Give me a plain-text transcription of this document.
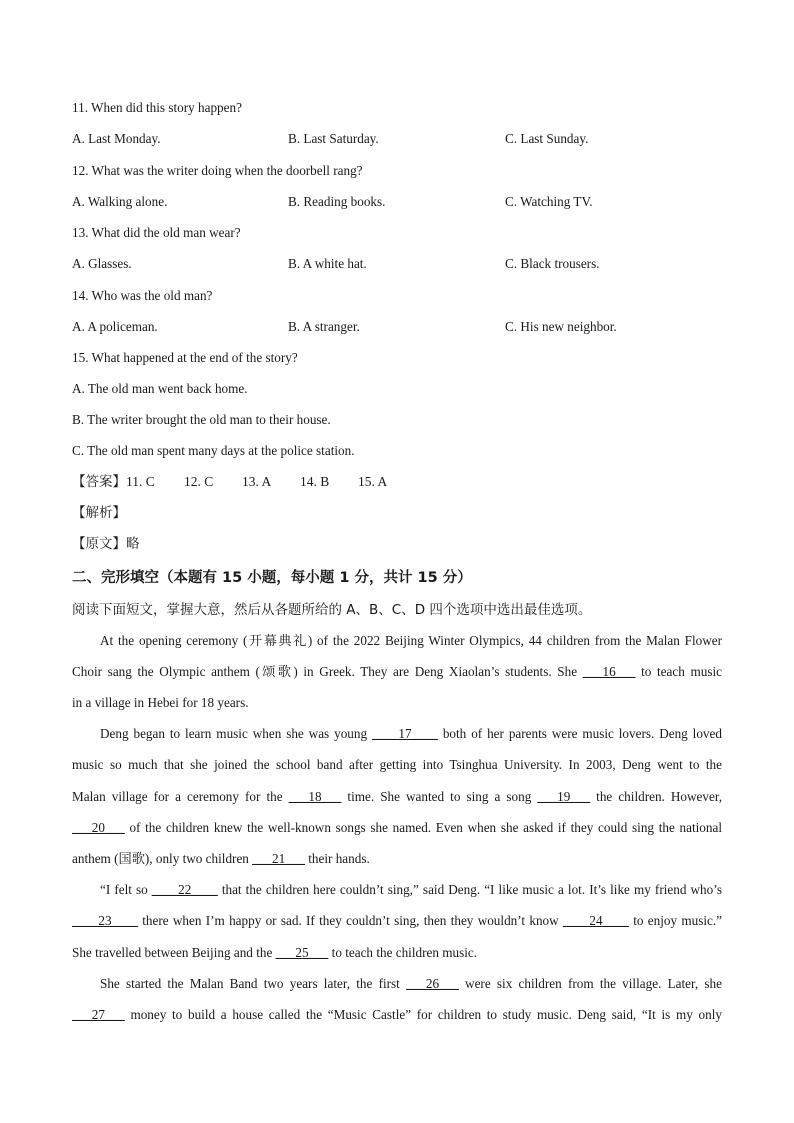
11. When did this story happen?
A. Last Monday.	B. Last Saturday.	C. Last Sunday.
12. What was the writer doing when the doorbell rang?
A. Walking alone.	B. Reading books.	C. Watching TV.
13. What did the old man wear?
A. Glasses.	B. A white hat.	C. Black trousers.
14. Who was the old man?
A. A policeman.	B. A stranger.	C. His new neighbor.
15. What happened at the end of the story?
A. The old man went back home.
B. The writer brought the old man to their house.
C. The old man spent many days at the police station.
【答案】11. C 12. C 13. A 14. B 15. A
【解析】
【原文】略
二、完形填空（本题有 15 小题，每小题 1 分，共计 15 分）
阅读下面短文，掌握大意，然后从各题所给的 A、B、C、D 四个选项中选出最佳选项。
At the opening ceremony (开幕典礼) of the 2022 Beijing Winter Olympics, 44 children from the Malan Flower
Choir sang the Olympic anthem (颂歌) in Greek. They are Deng Xiaolan’s students. She ___16___ to teach music
in a village in Hebei for 18 years.
Deng began to learn music when she was young ____17____ both of her parents were music lovers. Deng loved
music so much that she joined the school band after getting into Tsinghua University. In 2003, Deng went to the
Malan village for a ceremony for the ___18___ time. She wanted to sing a song ___19___ the children. However,
___20___ of the children knew the well-known songs she named. Even when she asked if they could sing the national
anthem (国歌), only two children ___21___ their hands.
“I felt so ____22____ that the children here couldn’t sing,” said Deng. “I like music a lot. It’s like my friend who’s
____23____ there when I’m happy or sad. If they couldn’t sing, then they wouldn’t know ____24____ to enjoy music.”
She travelled between Beijing and the ___25___ to teach the children music.
She started the Malan Band two years later, the first ___26___ were six children from the village. Later, she
___27___ money to build a house called the “Music Castle” for children to study music. Deng said, “It is my only
